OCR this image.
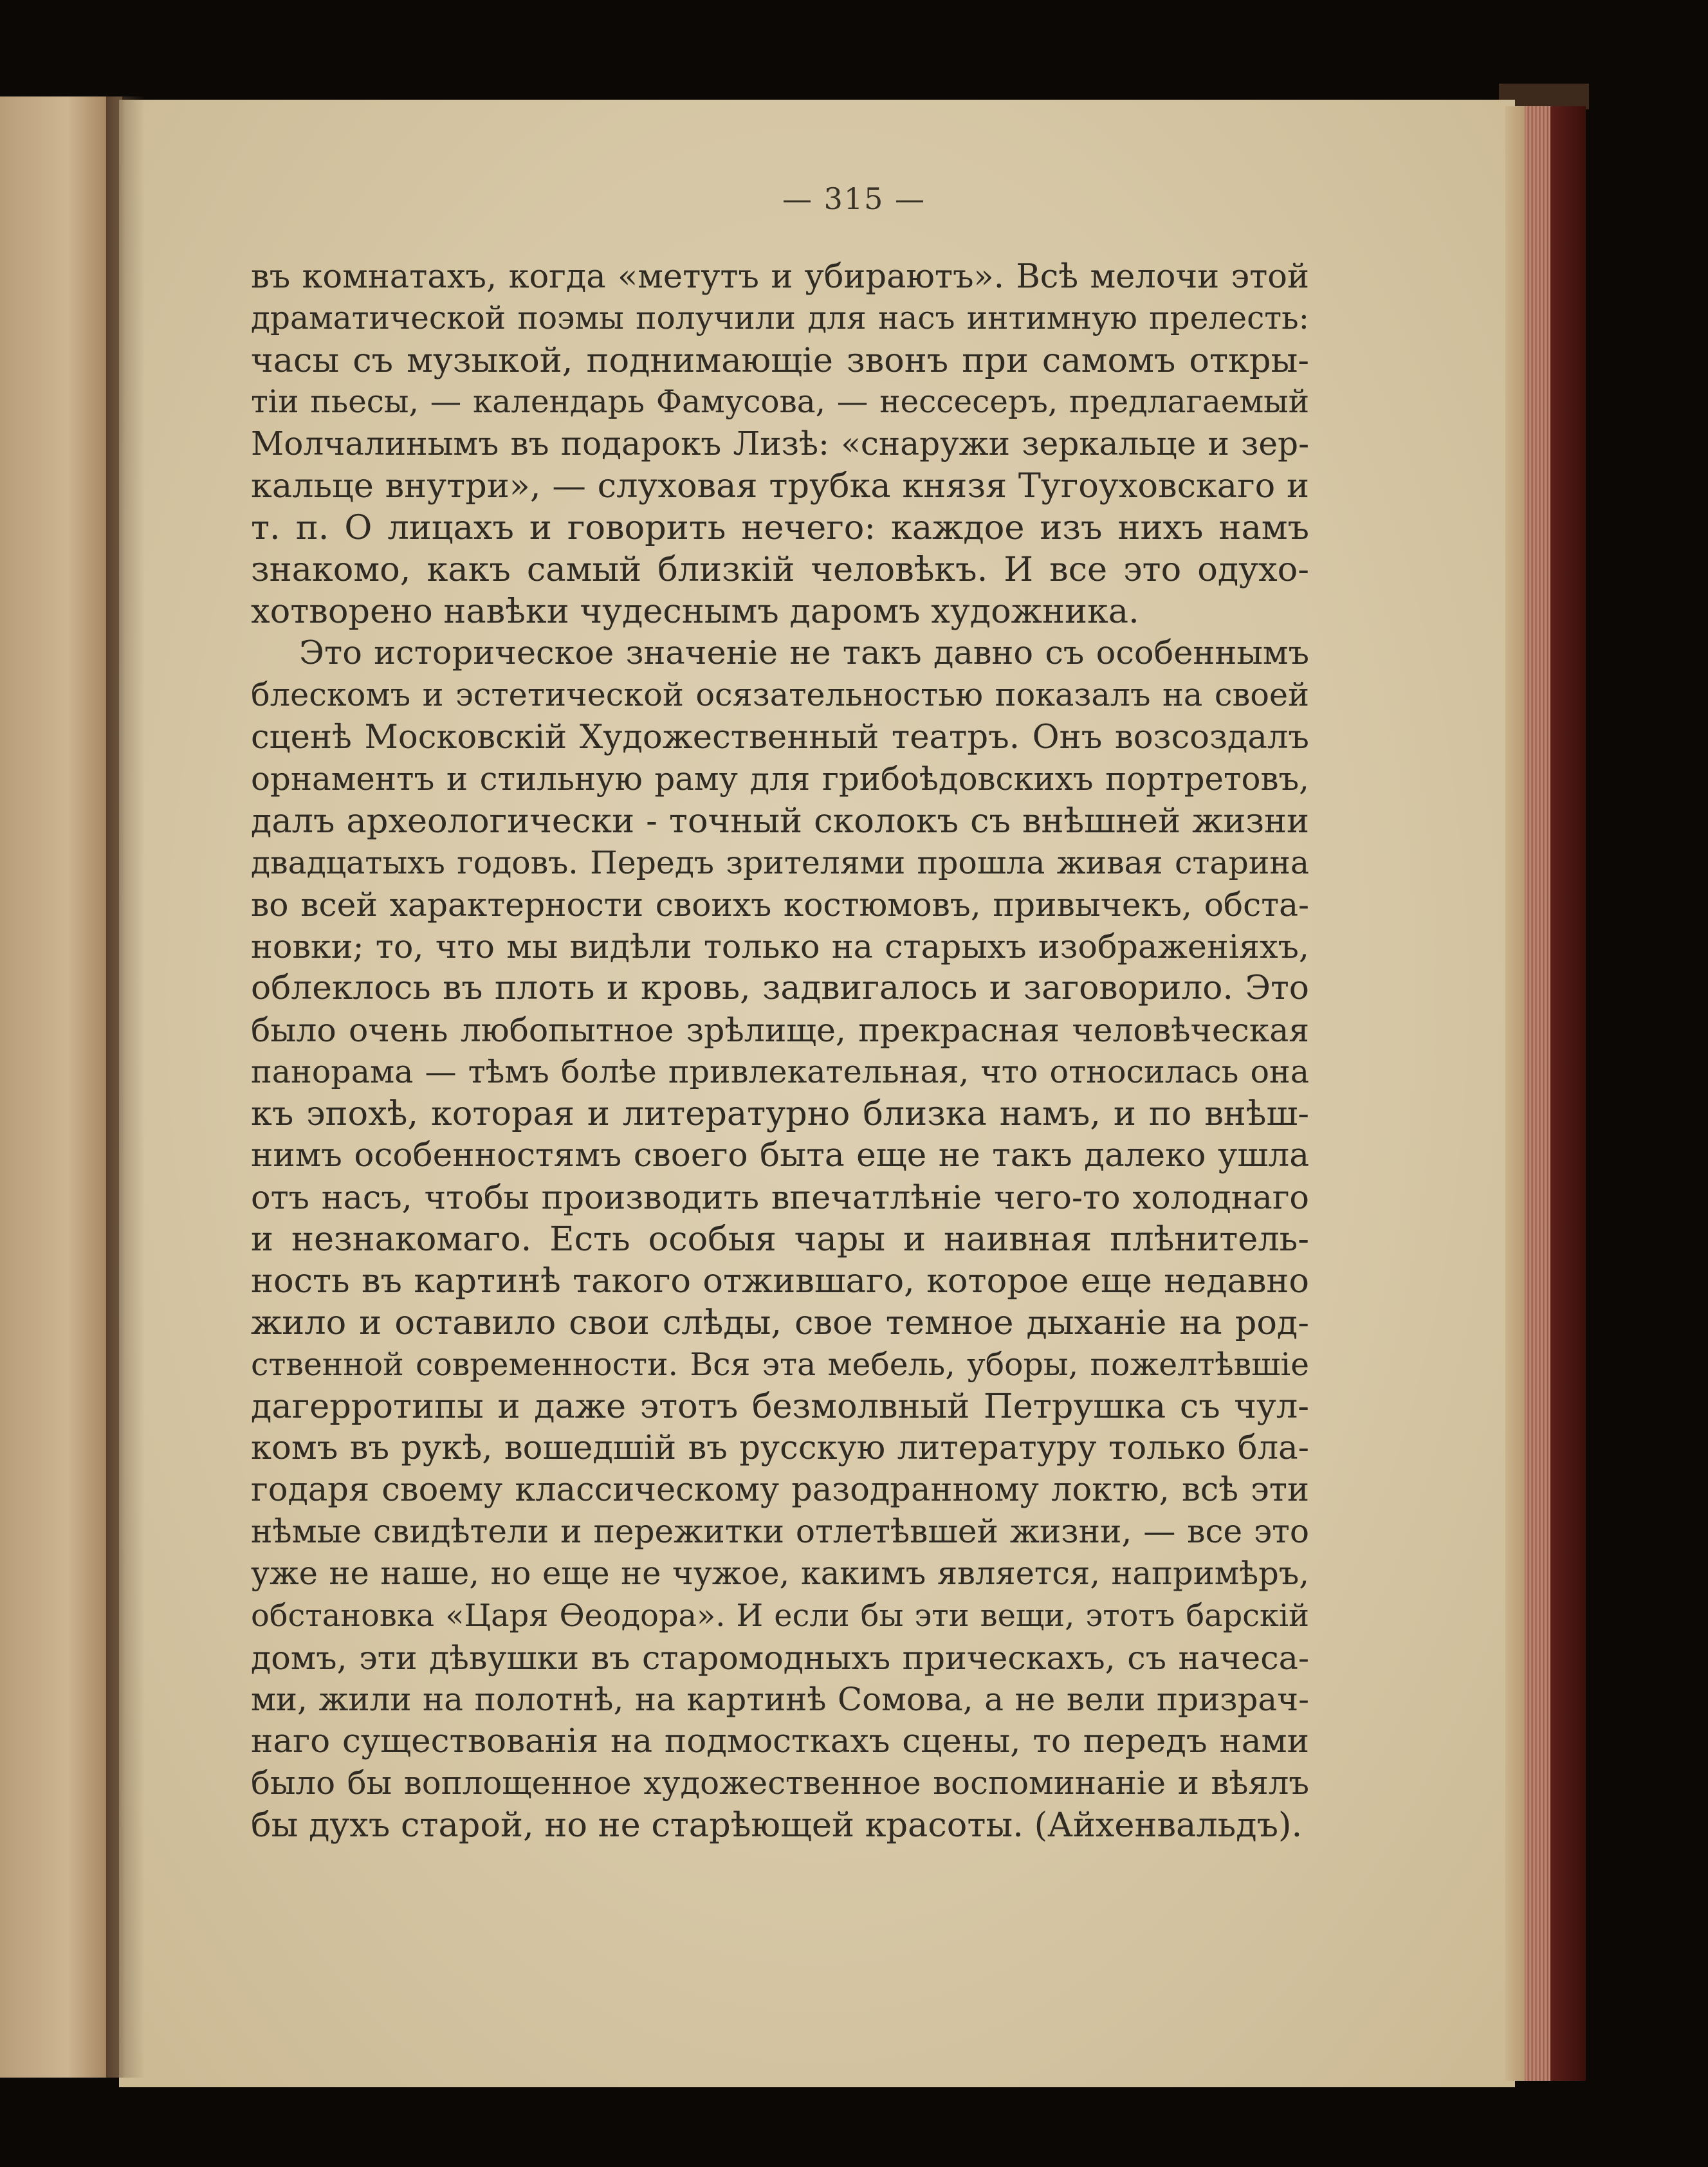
— 315 —
въ комнатахъ, когда «метутъ и убираютъ». Всѣ мелочи этой
драматической поэмы получили для насъ интимную прелесть:
часы съ музыкой, поднимающіе звонъ при самомъ откры-
тіи пьесы, — календарь Фамусова, — нессесеръ, предлагаемый
Молчалинымъ въ подарокъ Лизѣ: «снаружи зеркальце и зер-
кальце внутри», — слуховая трубка князя Тугоуховскаго и
т. п. О лицахъ и говорить нечего: каждое изъ нихъ намъ
знакомо, какъ самый близкій человѣкъ. И все это одухо-
хотворено навѣки чудеснымъ даромъ художника.
Это историческое значеніе не такъ давно съ особеннымъ
блескомъ и эстетической осязательностью показалъ на своей
сценѣ Московскій Художественный театръ. Онъ возсоздалъ
орнаментъ и стильную раму для грибоѣдовскихъ портретовъ,
далъ археологически - точный сколокъ съ внѣшней жизни
двадцатыхъ годовъ. Передъ зрителями прошла живая старина
во всей характерности своихъ костюмовъ, привычекъ, обста-
новки; то, что мы видѣли только на старыхъ изображеніяхъ,
облеклось въ плоть и кровь, задвигалось и заговорило. Это
было очень любопытное зрѣлище, прекрасная человѣческая
панорама — тѣмъ болѣе привлекательная, что относилась она
къ эпохѣ, которая и литературно близка намъ, и по внѣш-
нимъ особенностямъ своего быта еще не такъ далеко ушла
отъ насъ, чтобы производить впечатлѣніе чего-то холоднаго
и незнакомаго. Есть особыя чары и наивная плѣнитель-
ность въ картинѣ такого отжившаго, которое еще недавно
жило и оставило свои слѣды, свое темное дыханіе на род-
ственной современности. Вся эта мебель, уборы, пожелтѣвшіе
дагерротипы и даже этотъ безмолвный Петрушка съ чул-
комъ въ рукѣ, вошедшій въ русскую литературу только бла-
годаря своему классическому разодранному локтю, всѣ эти
нѣмые свидѣтели и пережитки отлетѣвшей жизни, — все это
уже не наше, но еще не чужое, какимъ является, напримѣръ,
обстановка «Царя Ѳеодора». И если бы эти вещи, этотъ барскій
домъ, эти дѣвушки въ старомодныхъ прическахъ, съ начеса-
ми, жили на полотнѣ, на картинѣ Сомова, а не вели призрач-
наго существованія на подмосткахъ сцены, то передъ нами
было бы воплощенное художественное воспоминаніе и вѣялъ
бы духъ старой, но не старѣющей красоты. (Айхенвальдъ).
